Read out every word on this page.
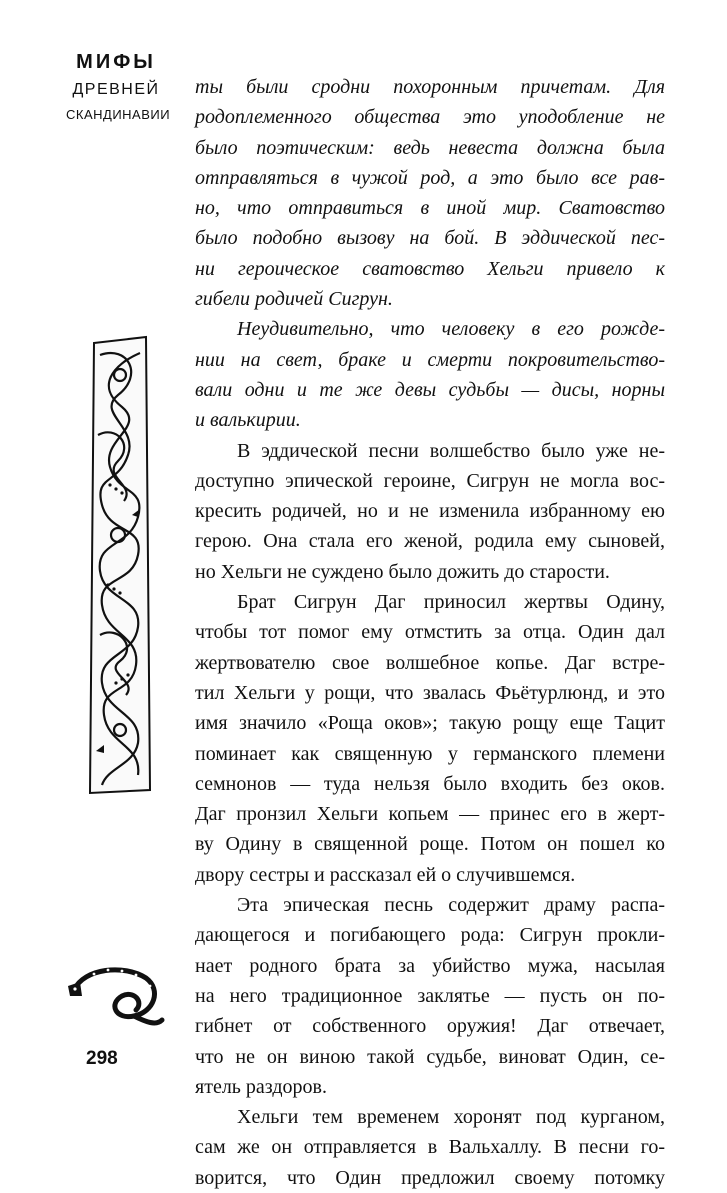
МИФЫ
ДРЕВНЕЙ
СКАНДИНАВИИ
ты были сродни похоронным причетам. Для
родоплеменного общества это уподобление не
было поэтическим: ведь невеста должна была
отправляться в чужой род, а это было все рав-
но, что отправиться в иной мир. Сватовство
было подобно вызову на бой. В эддической пес-
ни героическое сватовство Хельги привело к
гибели родичей Сигрун.
Неудивительно, что человеку в его рожде-
нии на свет, браке и смерти покровительство-
вали одни и те же девы судьбы — дисы, норны
и валькирии.
В эддической песни волшебство было уже не-
доступно эпической героине, Сигрун не могла вос-
кресить родичей, но и не изменила избранному ею
герою. Она стала его женой, родила ему сыновей,
но Хельги не суждено было дожить до старости.
Брат Сигрун Даг приносил жертвы Одину,
чтобы тот помог ему отмстить за отца. Один дал
жертвователю свое волшебное копье. Даг встре-
тил Хельги у рощи, что звалась Фьётурлюнд, и это
имя значило «Роща оков»; такую рощу еще Тацит
поминает как священную у германского племени
семнонов — туда нельзя было входить без оков.
Даг пронзил Хельги копьем — принес его в жерт-
ву Одину в священной роще. Потом он пошел ко
двору сестры и рассказал ей о случившемся.
Эта эпическая песнь содержит драму распа-
дающегося и погибающего рода: Сигрун прокли-
нает родного брата за убийство мужа, насылая
на него традиционное заклятье — пусть он по-
гибнет от собственного оружия! Даг отвечает,
что не он виною такой судьбе, виноват Один, се-
ятель раздоров.
Хельги тем временем хоронят под курганом,
сам же он отправляется в Вальхаллу. В песни го-
ворится, что Один предложил своему потомку
298
